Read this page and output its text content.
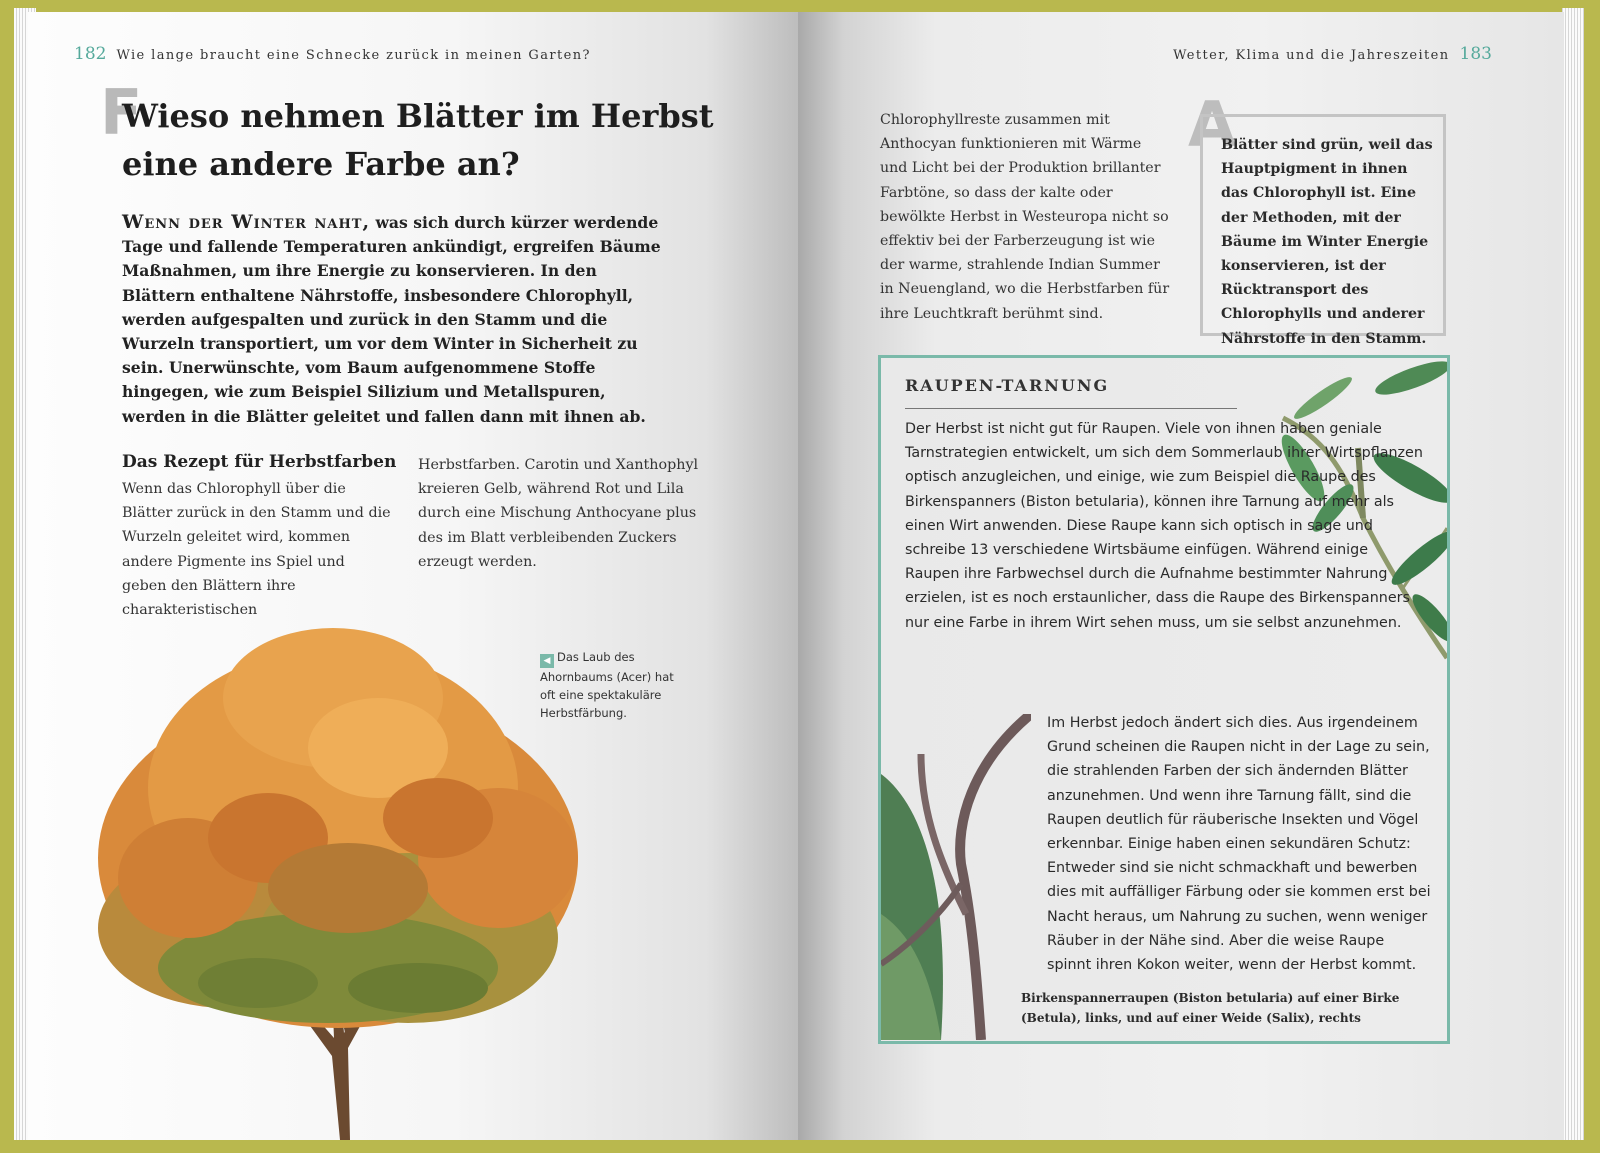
182 Wie lange braucht eine Schnecke zurück in meinen Garten?
F
Wieso nehmen Blätter im Herbst eine andere Farbe an?

Wenn der Winter naht, was sich durch kürzer werdende Tage und fallende Temperaturen ankündigt, ergreifen Bäume Maßnahmen, um ihre Energie zu konservieren. In den Blättern enthaltene Nährstoffe, insbesondere Chlorophyll, werden aufgespalten und zurück in den Stamm und die Wurzeln transportiert, um vor dem Winter in Sicherheit zu sein. Unerwünschte, vom Baum aufgenommene Stoffe hingegen, wie zum Beispiel Silizium und Metallspuren, werden in die Blätter geleitet und fallen dann mit ihnen ab.

Das Rezept für Herbstfarben

Wenn das Chlorophyll über die Blätter zurück in den Stamm und die Wurzeln geleitet wird, kommen andere Pigmente ins Spiel und geben den Blättern ihre charakteristischen

Herbstfarben. Carotin und Xanthophyl kreieren Gelb, während Rot und Lila durch eine Mischung Anthocyane plus des im Blatt verbleibenden Zuckers erzeugt werden.

◀ Das Laub des Ahornbaums (Acer) hat oft eine spektakuläre Herbstfärbung.
Wetter, Klima und die Jahreszeiten 183

Chlorophyllreste zusammen mit Anthocyan funktionieren mit Wärme und Licht bei der Produktion brillanter Farbtöne, so dass der kalte oder bewölkte Herbst in Westeuropa nicht so effektiv bei der Farberzeugung ist wie der warme, strahlende Indian Summer in Neuengland, wo die Herbstfarben für ihre Leuchtkraft berühmt sind.

A

Blätter sind grün, weil das Hauptpigment in ihnen das Chlorophyll ist. Eine der Methoden, mit der Bäume im Winter Energie konservieren, ist der Rücktransport des Chlorophylls und anderer Nährstoffe in den Stamm.

RAUPEN-TARNUNG

Der Herbst ist nicht gut für Raupen. Viele von ihnen haben geniale Tarnstrategien entwickelt, um sich dem Sommerlaub ihrer Wirtspflanzen optisch anzugleichen, und einige, wie zum Beispiel die Raupe des Birkenspanners (Biston betularia), können ihre Tarnung auf mehr als einen Wirt anwenden. Diese Raupe kann sich optisch in sage und schreibe 13 verschiedene Wirtsbäume einfügen. Während einige Raupen ihre Farbwechsel durch die Aufnahme bestimmter Nahrung erzielen, ist es noch erstaunlicher, dass die Raupe des Birkenspanners nur eine Farbe in ihrem Wirt sehen muss, um sie selbst anzunehmen.

Im Herbst jedoch ändert sich dies. Aus irgendeinem Grund scheinen die Raupen nicht in der Lage zu sein, die strahlenden Farben der sich ändernden Blätter anzunehmen. Und wenn ihre Tarnung fällt, sind die Raupen deutlich für räuberische Insekten und Vögel erkennbar. Einige haben einen sekundären Schutz: Entweder sind sie nicht schmackhaft und bewerben dies mit auffälliger Färbung oder sie kommen erst bei Nacht heraus, um Nahrung zu suchen, wenn weniger Räuber in der Nähe sind. Aber die weise Raupe spinnt ihren Kokon weiter, wenn der Herbst kommt.

Birkenspannerraupen (Biston betularia) auf einer Birke (Betula), links, und auf einer Weide (Salix), rechts
